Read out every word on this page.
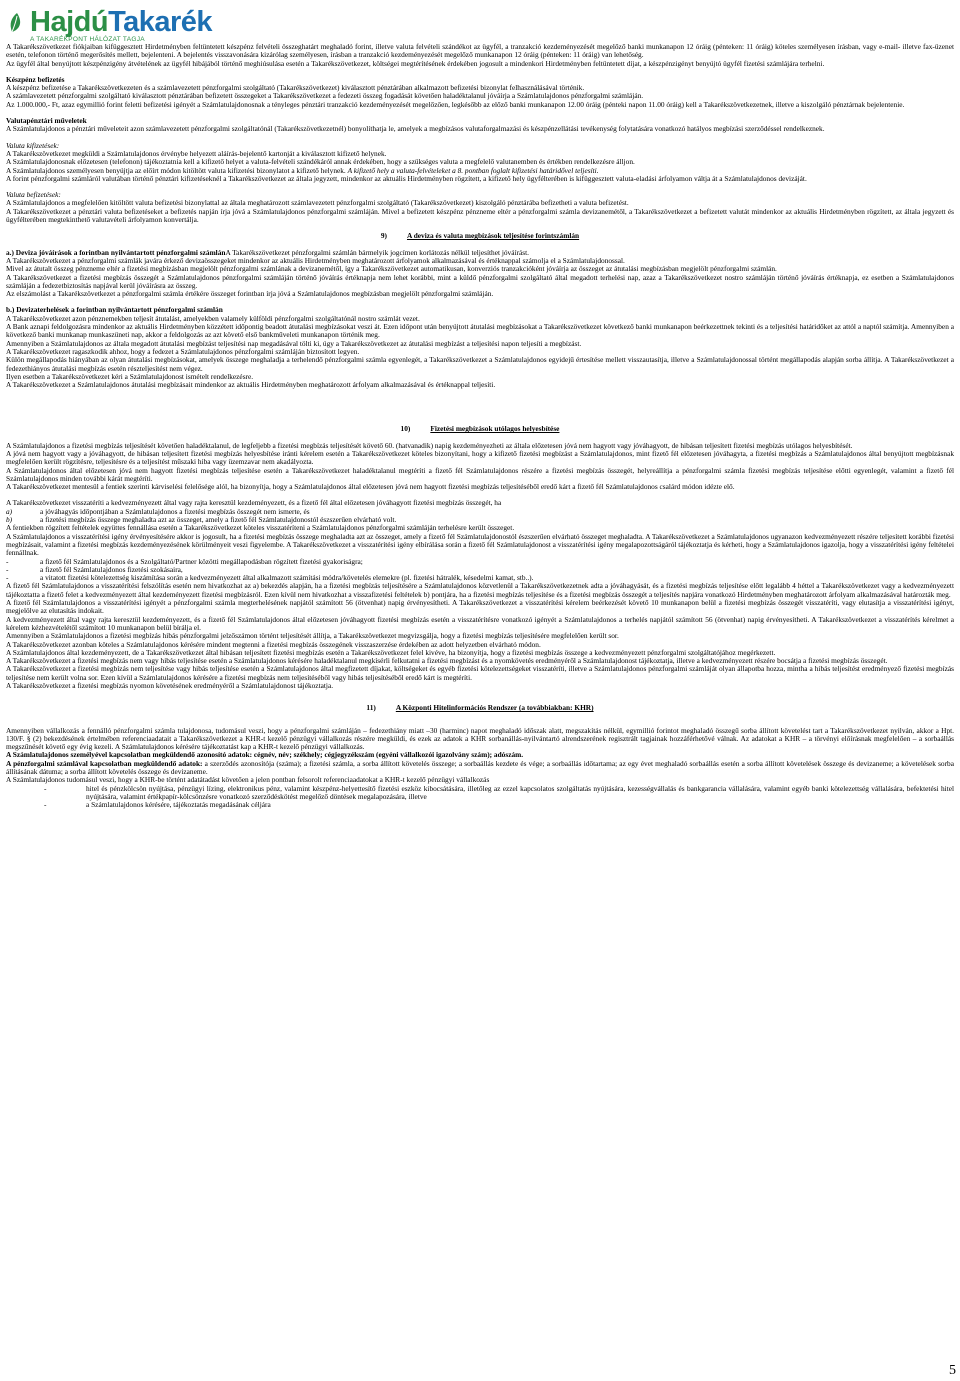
HajdúTakarék
A TAKARÉKPONT HÁLÓZAT TAGJA

A Takarékszövetkezet fiókjaiban kifüggesztett Hirdetményben feltüntetett készpénz felvételi összeghatárt meghaladó forint, illetve valuta felvételi szándékot az ügyfél, a tranzakció kezdeményezését megelőző banki munkanapon 12 óráig (pénteken: 11 óráig) köteles személyesen írásban, vagy e-mail- illetve fax-üzenet esetén, telefonon történő megerősítés mellett, bejelenteni. A bejelentés visszavonására kizárólag személyesen, írásban a tranzakció kezdeményezését megelőző munkanapon 12 óráig (pénteken: 11 óráig) van lehetőség.

Az ügyfél által benyújtott készpénzigény átvételének az ügyfél hibájából történő meghiúsulása esetén a Takarékszövetkezet, költségei megtérítésének érdekében jogosult a mindenkori Hirdetményben feltüntetett díjat, a készpénzigényt benyújtó ügyfél fizetési számlájára terhelni.

Készpénz befizetés

A készpénz befizetése a Takarékszövetkezeten és a számlavezetett pénzforgalmi szolgáltató (Takarékszövetkezet) kiválasztott pénztárában alkalmazott befizetési bizonylat felhasználásával történik.

A számlavezetett pénzforgalmi szolgáltató kiválasztott pénztárában befizetett összegeket a Takarékszövetkezet a fedezeti összeg fogadását követően haladéktalanul jóváírja a Számlatulajdonos pénzforgalmi számláján.

Az 1.000.000,- Ft, azaz egymillió forint feletti befizetési igényét a Számlatulajdonosnak a tényleges pénztári tranzakció kezdeményezését megelőzően, legkésőbb az előző banki munkanapon 12.00 óráig (pénteki napon 11.00 óráig) kell a Takarékszövetkezetnek, illetve a kiszolgáló pénztárnak bejelentenie.

Valutapénztári műveletek

A Számlatulajdonos a pénztári műveleteit azon számlavezetett pénzforgalmi szolgáltatónál (Takarékszövetkezetnél) bonyolíthatja le, amelyek a megbízásos valutaforgalmazási és készpénzellátási tevékenység folytatására vonatkozó hatályos megbízási szerződéssel rendelkeznek.

Valuta kifizetések:

A Takarékszövetkezet megküldi a Számlatulajdonos érvénybe helyezett aláírás-bejelentő kartonját a kiválasztott kifizető helynek.

A Számlatulajdonosnak előzetesen (telefonon) tájékoztatnia kell a kifizető helyet a valuta-felvételi szándékáról annak érdekében, hogy a szükséges valuta a megfelelő valutanemben és értékben rendelkezésre álljon.

A Számlatulajdonos személyesen benyújtja az előírt módon kitöltött valuta kifizetési bizonylatot a kifizető helynek. A kifizető hely a valuta-felvételeket a 8. pontban foglalt kifizetési határidővel teljesíti.

A forint pénzforgalmi számláról valutában történő pénztári kifizetéseknél a Takarékszövetkezet az általa jegyzett, mindenkor az aktuális Hirdetményben rögzített, a kifizető hely ügyfélterében is kifüggesztett valuta-eladási árfolyamon váltja át a Számlatulajdonos devizáját.

Valuta befizetések:

A Számlatulajdonos a megfelelően kitöltött valuta befizetési bizonylattal az általa meghatározott számlavezetett pénzforgalmi szolgáltató (Takarékszövetkezet) kiszolgáló pénztárába befizetheti a valuta befizetést.

A Takarékszövetkezet a pénztári valuta befizetéseket a befizetés napján írja jóvá a Számlatulajdonos pénzforgalmi számláján. Mivel a befizetett készpénz pénzneme eltér a pénzforgalmi számla devizanemétől, a Takarékszövetkezet a befizetett valutát mindenkor az aktuális Hirdetményben rögzített, az általa jegyzett és ügyfélterében megtekinthető valutavételi árfolyamon konvertálja.

9)	A deviza és valuta megbízások teljesítése forintszámlán

a.) Deviza jóváírások a forintban nyilvántartott pénzforgalmi számlánA Takarékszövetkezet pénzforgalmi számlán bármelyik jogcímen korlátozás nélkül teljesíthet jóváírást.

A Takarékszövetkezet a pénzforgalmi számlák javára érkező devizaösszegeket mindenkor az aktuális Hirdetményben meghatározott árfolyamok alkalmazásával és értéknappal számolja el a Számlatulajdonossal.

Mivel az átutalt összeg pénzneme eltér a fizetési megbízásban megjelölt pénzforgalmi számlának a devizanemétől, így a Takarékszövetkezet automatikusan, konverziós tranzakcióként jóváírja az összeget az átutalási megbízásban megjelölt pénzforgalmi számlán.

A Takarékszövetkezet a fizetési megbízás összegét a Számlatulajdonos pénzforgalmi számláján történő jóváírás értéknapja nem lehet korábbi, mint a küldő pénzforgalmi szolgáltató által megadott terhelési nap, azaz a Takarékszövetkezet nostro számláján történő jóváírás értéknapja, ez esetben a Számlatulajdonos számláján a fedezetbiztosítás napjával kerül jóváírásra az összeg.

Az elszámolást a Takarékszövetkezet a pénzforgalmi számla értékére összeget forintban írja jóvá a Számlatulajdonos megbízásban megjelölt pénzforgalmi számláján.

b.) Devizaterhelések a forintban nyilvántartott pénzforgalmi számlán

A Takarékszövetkezet azon pénznemekben teljesít átutalást, amelyekben valamely külföldi pénzforgalmi szolgáltatónál nostro számlát vezet.

A Bank aznapi feldolgozásra mindenkor az aktuális Hirdetményben közzétett időpontig beadott átutalási megbízásokat veszi át. Ezen időpont után benyújtott átutalási megbízásokat a Takarékszövetkezet következő banki munkanapon beérkezettnek tekinti és a teljesítési határidőket az attól a naptól számítja. Amennyiben a következő banki munkanap munkaszüneti nap, akkor a feldolgozás az azt követő első bankműveleti munkanapon történik meg.

Amennyiben a Számlatulajdonos az általa megadott átutalási megbízást teljesítési nap megadásával tölti ki, úgy a Takarékszövetkezet az átutalási megbízást a teljesítési napon teljesíti a megbízást.

A Takarékszövetkezet ragaszkodik ahhoz, hogy a fedezet a Számlatulajdonos pénzforgalmi számláján biztosított legyen.

Külön megállapodás hiányában az olyan átutalási megbízásokat, amelyek összege meghaladja a terhelendő pénzforgalmi számla egyenlegét, a Takarékszövetkezet a Számlatulajdonos egyidejű értesítése mellett visszautasítja, illetve a Számlatulajdonossal történt megállapodás alapján sorba állítja. A Takarékszövetkezet a fedezethiányos átutalási megbízás esetén részteljesítést nem végez.

Ilyen esetben a Takarékszövetkezet kéri a Számlatulajdonost ismételt rendelkezésre.

A Takarékszövetkezet a Számlatulajdonos átutalási megbízásait mindenkor az aktuális Hirdetményben meghatározott árfolyam alkalmazásával és értéknappal teljesíti.

10)	Fizetési megbízások utólagos helyesbítése

A Számlatulajdonos a fizetési megbízás teljesítését követően haladéktalanul, de legfeljebb a fizetési megbízás teljesítését követő 60. (hatvanadik) napig kezdeményezheti az általa előzetesen jóvá nem hagyott vagy jóváhagyott, de hibásan teljesített fizetési megbízás utólagos helyesbítését.

A jóvá nem hagyott vagy a jóváhagyott, de hibásan teljesített fizetési megbízás helyesbítése iránti kérelem esetén a Takarékszövetkezet köteles bizonyítani, hogy a kifizető fizetési megbízást a Számlatulajdonos, mint fizető fél előzetesen jóváhagyta, a fizetési megbízás a Számlatulajdonos által benyújtott megbízásnak megfelelően került rögzítésre, teljesítésre és a teljesítést műszaki hiba vagy üzemzavar nem akadályozta.

A Számlatulajdonos által előzetesen jóvá nem hagyott fizetési megbízás teljesítése esetén a Takarékszövetkezet haladéktalanul megtéríti a fizető fél Számlatulajdonos részére a fizetési megbízás összegét, helyreállítja a pénzforgalmi számla fizetési megbízás teljesítése előtti egyenlegét, valamint a fizető fél Számlatulajdonos minden további kárát megtéríti.

A Takarékszövetkezet mentesül a fentiek szerinti kárviselési felelősége alól, ha bizonyítja, hogy a Számlatulajdonos által előzetesen jóvá nem hagyott fizetési megbízás teljesítéséből eredő kárt a fizető fél Számlatulajdonos csalárd módon idézte elő.

A Takarékszövetkezet visszatéríti a kedvezményezett által vagy rajta keresztül kezdeményezett, és a fizető fél által előzetesen jóváhagyott fizetési megbízás összegét, ha

a)	a jóváhagyás időpontjában a Számlatulajdonos a fizetési megbízás összegét nem ismerte, és
b)	a fizetési megbízás összege meghaladta azt az összeget, amely a fizető fél Számlatulajdonostól észszerűen elvárható volt.

A fentiekben rögzített feltételek együttes fennállása esetén a Takarékszövetkezet köteles visszatéríteni a Számlatulajdonos pénzforgalmi számláján terhelésre került összeget.

A Számlatulajdonos a visszatérítési igény érvényesítésére akkor is jogosult, ha a fizetési megbízás összege meghaladta azt az összeget, amely a fizető fél Számlatulajdonostól észszerűen elvárható összeget meghaladta. A Takarékszövetkezet a Számlatulajdonos ugyanazon kedvezményezett részére teljesített korábbi fizetési megbízásait, valamint a fizetési megbízás kezdeményezésének körülményeit veszi figyelembe. A Takarékszövetkezet a visszatérítési igény elbírálása során a fizető fél Számlatulajdonost a visszatérítési igény megalapozottságáról tájékoztatja és kérheti, hogy a Számlatulajdonos igazolja, hogy a visszatérítési igény feltételei fennállnak.

-	a fizető fél Számlatulajdonos és a Szolgáltató/Partner közötti megállapodásban rögzített fizetési gyakoriságra;
-	a fizető fél Számlatulajdonos fizetési szokásaira,
-	a vitatott fizetési kötelezettség kiszámítása során a kedvezményezett által alkalmazott számítási módra/követelés elemekre (pl. fizetési hátralék, késedelmi kamat, stb..).

A fizető fél Számlatulajdonos a visszatérítési felszólítás esetén nem hivatkozhat az a) bekezdés alapján, ha a fizetési megbízás teljesítésére a Számlatulajdonos közvetlenül a Takarékszövetkezetnek adta a jóváhagyását, és a fizetési megbízás teljesítése előtt legalább 4 héttel a Takarékszövetkezet vagy a kedvezményezett tájékoztatta a fizető felet a kedvezményezett által kezdeményezett fizetési megbízásról. Ezen kívül nem hivatkozhat a visszafizetési feltételek b) pontjára, ha a fizetési megbízás teljesítése és a fizetési megbízás összegét a teljesítés napjára vonatkozó Hirdetményben meghatározott árfolyam alkalmazásával határozták meg.

A fizető fél Számlatulajdonos a visszatérítési igényét a pénzforgalmi számla megterhelésének napjától számított 56 (ötvenhat) napig érvényesítheti. A Takarékszövetkezet a visszatérítési kérelem beérkezését követő 10 munkanapon belül a fizetési megbízás összegét visszatéríti, vagy elutasítja a visszatérítési igényt, megjelölve az elutasítás indokait.

A kedvezményezett által vagy rajta keresztül kezdeményezett, és a fizető fél Számlatulajdonos által előzetesen jóváhagyott fizetési megbízás esetén a visszatérítésre vonatkozó igényét a Számlatulajdonos a terhelés napjától számított 56 (ötvenhat) napig érvényesítheti. A Takarékszövetkezet a visszatérítés kérelmet a kérelem kézhezvételétől számított 10 munkanapon belül bírálja el.

Amennyiben a Számlatulajdonos a fizetési megbízás hibás pénzforgalmi jelzőszámon történt teljesítését állítja, a Takarékszövetkezet megvizsgálja, hogy a fizetési megbízás teljesítésére megfelelően került sor.

A Takarékszövetkezet azonban köteles a Számlatulajdonos kérésére mindent megtenni a fizetési megbízás összegének visszaszerzése érdekében az adott helyzetben elvárható módon.

A Számlatulajdonos által kezdeményezett, de a Takarékszövetkezet által hibásan teljesített fizetési megbízás esetén a Takarékszövetkezet felel kivéve, ha bizonyítja, hogy a fizetési megbízás összege a kedvezményezett pénzforgalmi szolgáltatójához megérkezett.

A Takarékszövetkezet a fizetési megbízás nem vagy hibás teljesítése esetén a Számlatulajdonos kérésére haladéktalanul megkísérli felkutatni a fizetési megbízást és a nyomkövetés eredményéről a Számlatulajdonost tájékoztatja, illetve a kedvezményezett részére bocsátja a fizetési megbízás összegét.

A Takarékszövetkezet a fizetési megbízás nem teljesítése vagy hibás teljesítése esetén a Számlatulajdonos által megfizetett díjakat, költségeket és egyéb fizetési kötelezettségeket visszatéríti, illetve a Számlatulajdonos pénzforgalmi számláját olyan állapotba hozza, mintha a hibás teljesítést eredményező fizetési megbízás teljesítése nem került volna sor. Ezen kívül a Számlatulajdonos kérésére a fizetési megbízás nem teljesítéséből vagy hibás teljesítéséből eredő kárt is megtéríti.

A Takarékszövetkezet a fizetési megbízás nyomon követésének eredményéről a Számlatulajdonost tájékoztatja.

11)	A Központi Hitelinformációs Rendszer (a továbbiakban: KHR)

Amennyiben vállalkozás a fennálló pénzforgalmi számla tulajdonosa, tudomásul veszi, hogy a pénzforgalmi számláján – fedezethiány miatt –30 (harminc) napot meghaladó időszak alatt, megszakítás nélkül, egymillió forintot meghaladó összegű sorba állított követelést tart a Takarékszövetkezet nyilván, akkor a Hpt. 130/F. § (2) bekezdésének értelmében referenciaadatait a Takarékszövetkezet a KHR-t kezelő pénzügyi vállalkozás részére megküldi, és ezek az adatok a KHR sorbanállás-nyilvántartó alrendszerének regisztrált tagjainak hozzáférhetővé válnak. Az adatokat a KHR – a törvényi előírásnak megfelelően – a sorbaállás megszűnését követő egy évig kezeli. A Számlatulajdonos kérésére tájékoztatást kap a KHR-t kezelő pénzügyi vállalkozás.

A Számlatulajdonos személyével kapcsolatban megküldendő azonosító adatok: cégnév, név; székhely; cégjegyzékszám (egyéni vállalkozói igazolvány szám); adószám.

A pénzforgalmi számlával kapcsolatban megküldendő adatok: a szerződés azonosítója (száma); a fizetési számla, a sorba állított követelés összege; a sorbaállás kezdete és vége; a sorbaállás időtartama; az egy évet meghaladó sorbaállás esetén a sorba állított követelések összege és devizaneme; a követelések sorba állításának dátuma; a sorba állított követelés összege és devizaneme.

A Számlatulajdonos tudomásul veszi, hogy a KHR-be történt adatátadást követően a jelen pontban felsorolt referenciaadatokat a KHR-t kezelő pénzügyi vállalkozás

-	hitel és pénzkölcsön nyújtása, pénzügyi lízing, elektronikus pénz, valamint készpénz-helyettesítő fizetési eszköz kibocsátására, illetőleg az ezzel kapcsolatos szolgáltatás nyújtására, kezességvállalás és bankgarancia vállalására, valamint egyéb banki kötelezettség vállalására, befektetési hitel nyújtására, valamint értékpapír-kölcsönzésre vonatkozó szerződéskötést megelőző döntések megalapozására, illetve
-	a Számlatulajdonos kérésére, tájékoztatás megadásának céljára
5
